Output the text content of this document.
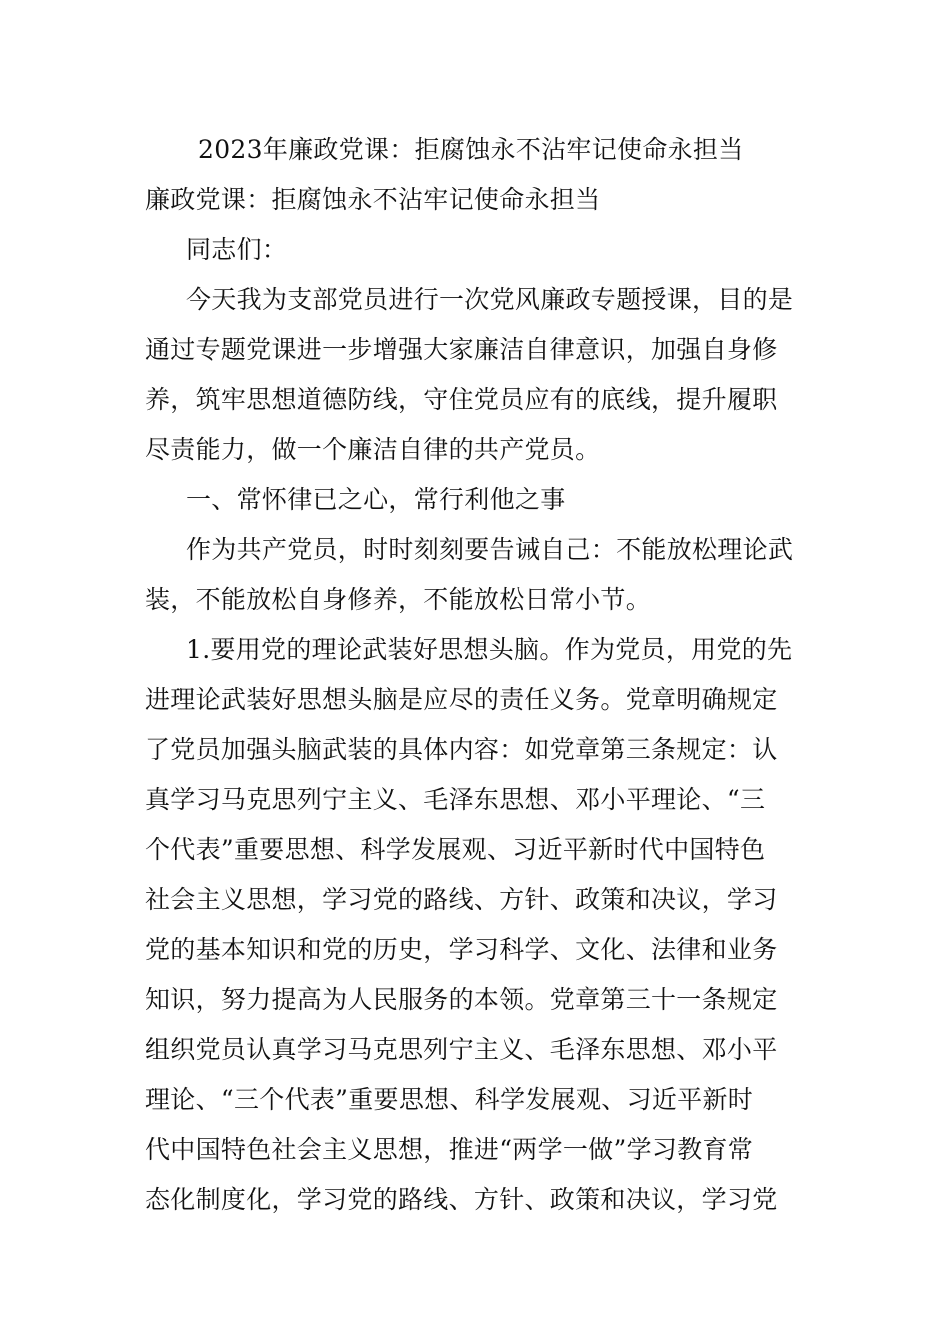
2023年廉政党课：拒腐蚀永不沾牢记使命永担当
廉政党课：拒腐蚀永不沾牢记使命永担当
同志们：
今天我为支部党员进行一次党风廉政专题授课，目的是
通过专题党课进一步增强大家廉洁自律意识，加强自身修
养，筑牢思想道德防线，守住党员应有的底线，提升履职
尽责能力，做一个廉洁自律的共产党员。
一、常怀律已之心，常行利他之事
作为共产党员，时时刻刻要告诫自己：不能放松理论武
装，不能放松自身修养，不能放松日常小节。
1.要用党的理论武装好思想头脑。作为党员，用党的先
进理论武装好思想头脑是应尽的责任义务。党章明确规定
了党员加强头脑武装的具体内容：如党章第三条规定：认
真学习马克思列宁主义、毛泽东思想、邓小平理论、“三
个代表”重要思想、科学发展观、习近平新时代中国特色
社会主义思想，学习党的路线、方针、政策和决议，学习
党的基本知识和党的历史，学习科学、文化、法律和业务
知识，努力提高为人民服务的本领。党章第三十一条规定
组织党员认真学习马克思列宁主义、毛泽东思想、邓小平
理论、“三个代表”重要思想、科学发展观、习近平新时
代中国特色社会主义思想，推进“两学一做”学习教育常
态化制度化，学习党的路线、方针、政策和决议，学习党
